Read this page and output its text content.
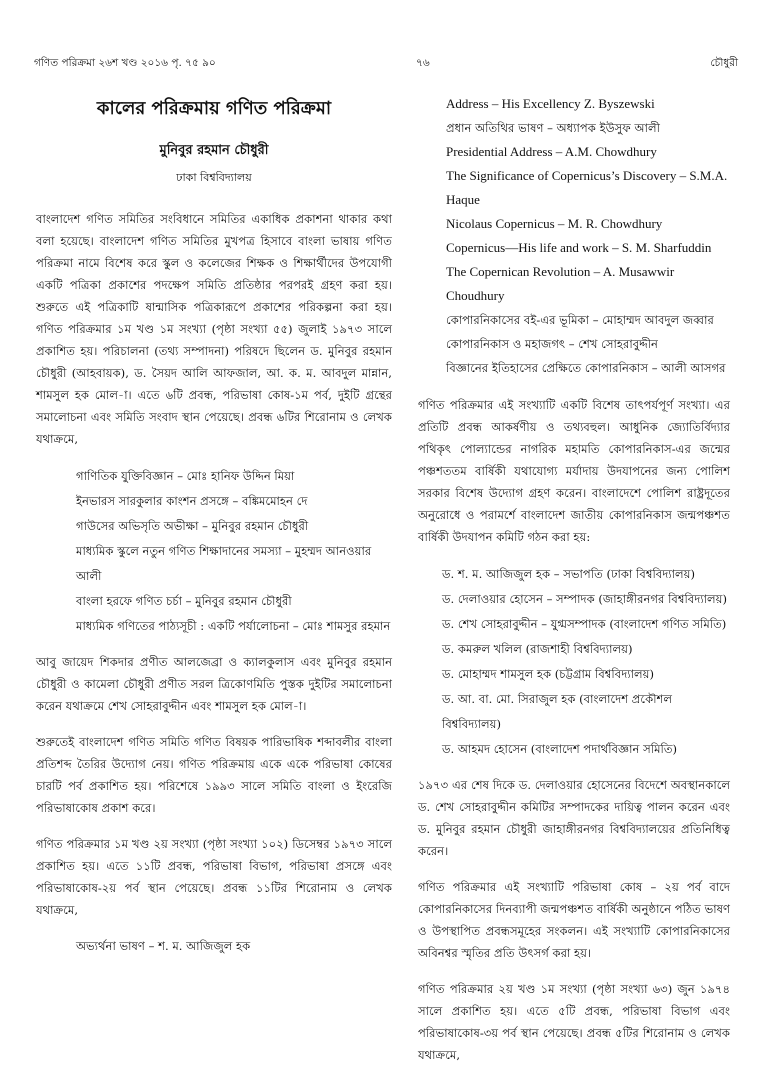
গণিত পরিক্রমা ২৬শ খণ্ড ২০১৬ পৃ. ৭৫ ৯০	৭৬	চৌধুরী
কালের পরিক্রমায় গণিত পরিক্রমা
মুনিবুর রহমান চৌধুরী
ঢাকা বিশ্ববিদ্যালয়

বাংলাদেশ গণিত সমিতির সংবিধানে সমিতির একাধিক প্রকাশনা থাকার কথা বলা হয়েছে। বাংলাদেশ গণিত সমিতির মুখপত্র হিসাবে বাংলা ভাষায় গণিত পরিক্রমা নামে বিশেষ করে স্কুল ও কলেজের শিক্ষক ও শিক্ষার্থীদের উপযোগী একটি পত্রিকা প্রকাশের পদক্ষেপ সমিতি প্রতিষ্ঠার পরপরই গ্রহণ করা হয়। শুরুতে এই পত্রিকাটি ষান্মাসিক পত্রিকারূপে প্রকাশের পরিকল্পনা করা হয়। গণিত পরিক্রমার ১ম খণ্ড ১ম সংখ্যা (পৃষ্ঠা সংখ্যা ৫৫) জুলাই ১৯৭৩ সালে প্রকাশিত হয়। পরিচালনা (তথ্য সম্পাদনা) পরিষদে ছিলেন ড. মুনিবুর রহমান চৌধুরী (আহবায়ক), ড. সৈয়দ আলি আফজাল, আ. ক. ম. আবদুল মান্নান, শামসুল হক মোল-া। এতে ৬টি প্রবন্ধ, পরিভাষা কোষ-১ম পর্ব, দুইটি গ্রন্থের সমালোচনা এবং সমিতি সংবাদ স্থান পেয়েছে। প্রবন্ধ ৬টির শিরোনাম ও লেখক যথাক্রমে,

গাণিতিক যুক্তিবিজ্ঞান – মোঃ হানিফ উদ্দিন মিয়া
ইনভারস সারকুলার কাংশন প্রসঙ্গে – বঙ্কিমমোহন দে
গাউসের অভিসৃতি অভীক্ষা – মুনিবুর রহমান চৌধুরী
মাধ্যমিক স্কুলে নতুন গণিত শিক্ষাদানের সমস্যা – মুহম্মদ আনওয়ার আলী
বাংলা হরফে গণিত চর্চা – মুনিবুর রহমান চৌধুরী
মাধ্যমিক গণিতের পাঠ্যসূচী : একটি পর্যালোচনা – মোঃ শামসুর রহমান

আবু জায়েদ শিকদার প্রণীত আলজেব্রা ও ক্যালকুলাস এবং মুনিবুর রহমান চৌধুরী ও কামেলা চৌধুরী প্রণীত সরল ত্রিকোণমিতি পুস্তক দুইটির সমালোচনা করেন যথাক্রমে শেখ সোহরাবুদ্দীন এবং শামসুল হক মোল-া।

শুরুতেই বাংলাদেশ গণিত সমিতি গণিত বিষয়ক পারিভাষিক শব্দাবলীর বাংলা প্রতিশব্দ তৈরির উদ্যোগ নেয়। গণিত পরিক্রমায় একে একে পরিভাষা কোষের চারটি পর্ব প্রকাশিত হয়। পরিশেষে ১৯৯৩ সালে সমিতি বাংলা ও ইংরেজি পরিভাষাকোষ প্রকাশ করে।

গণিত পরিক্রমার ১ম খণ্ড ২য় সংখ্যা (পৃষ্ঠা সংখ্যা ১০২) ডিসেম্বর ১৯৭৩ সালে প্রকাশিত হয়। এতে ১১টি প্রবন্ধ, পরিভাষা বিভাগ, পরিভাষা প্রসঙ্গে এবং পরিভাষাকোষ-২য় পর্ব স্থান পেয়েছে। প্রবন্ধ ১১টির শিরোনাম ও লেখক যথাক্রমে,

অভ্যর্থনা ভাষণ – শ. ম. আজিজুল হক
Address – His Excellency Z. Byszewski
প্রধান অতিথির ভাষণ – অধ্যাপক ইউসুফ আলী
Presidential Address – A.M. Chowdhury
The Significance of Copernicus’s Discovery – S.M.A. Haque
Nicolaus Copernicus – M. R. Chowdhury
Copernicus—His life and work – S. M. Sharfuddin
The Copernican Revolution – A. Musawwir Choudhury
কোপারনিকাসের বই-এর ভূমিকা – মোহাম্মদ আবদুল জব্বার
কোপারনিকাস ও মহাজগৎ – শেখ সোহরাবুদ্দীন
বিজ্ঞানের ইতিহাসের প্রেক্ষিতে কোপারনিকাস – আলী আসগর

গণিত পরিক্রমার এই সংখ্যাটি একটি বিশেষ তাৎপর্যপূর্ণ সংখ্যা। এর প্রতিটি প্রবন্ধ আকর্ষণীয় ও তথ্যবহুল। আধুনিক জ্যোতির্বিদ্যার পথিকৃৎ পোল্যান্ডের নাগরিক মহামতি কোপারনিকাস-এর জন্মের পঞ্চশততম বার্ষিকী যথাযোগ্য মর্যাদায় উদযাপনের জন্য পোলিশ সরকার বিশেষ উদ্যোগ গ্রহণ করেন। বাংলাদেশে পোলিশ রাষ্ট্রদূতের অনুরোধে ও পরামর্শে বাংলাদেশ জাতীয় কোপারনিকাস জন্মপঞ্চশত বার্ষিকী উদযাপন কমিটি গঠন করা হয়:

ড. শ. ম. আজিজুল হক – সভাপতি (ঢাকা বিশ্ববিদ্যালয়)
ড. দেলাওয়ার হোসেন – সম্পাদক (জাহাঙ্গীরনগর বিশ্ববিদ্যালয়)
ড. শেখ সোহরাবুদ্দীন – যুগ্মসম্পাদক (বাংলাদেশ গণিত সমিতি)
ড. কমরুল খলিল (রাজশাহী বিশ্ববিদ্যালয়)
ড. মোহাম্মদ শামসুল হক (চট্টগ্রাম বিশ্ববিদ্যালয়)
ড. আ. বা. মো. সিরাজুল হক (বাংলাদেশ প্রকৌশল বিশ্ববিদ্যালয়)
ড. আহমদ হোসেন (বাংলাদেশ পদার্থবিজ্ঞান সমিতি)

১৯৭৩ এর শেষ দিকে ড. দেলাওয়ার হোসেনের বিদেশে অবস্থানকালে ড. শেখ সোহরাবুদ্দীন কমিটির সম্পাদকের দায়িত্ব পালন করেন এবং ড. মুনিবুর রহমান চৌধুরী জাহাঙ্গীরনগর বিশ্ববিদ্যালয়ের প্রতিনিধিত্ব করেন।

গণিত পরিক্রমার এই সংখ্যাটি পরিভাষা কোষ – ২য় পর্ব বাদে কোপারনিকাসের দিনব্যাপী জন্মপঞ্চশত বার্ষিকী অনুষ্ঠানে পঠিত ভাষণ ও উপস্থাপিত প্রবন্ধসমূহের সংকলন। এই সংখ্যাটি কোপারনিকাসের অবিনশ্বর স্মৃতির প্রতি উৎসর্গ করা হয়।

গণিত পরিক্রমার ২য় খণ্ড ১ম সংখ্যা (পৃষ্ঠা সংখ্যা ৬৩) জুন ১৯৭৪ সালে প্রকাশিত হয়। এতে ৫টি প্রবন্ধ, পরিভাষা বিভাগ এবং পরিভাষাকোষ-৩য় পর্ব স্থান পেয়েছে। প্রবন্ধ ৫টির শিরোনাম ও লেখক যথাক্রমে,
